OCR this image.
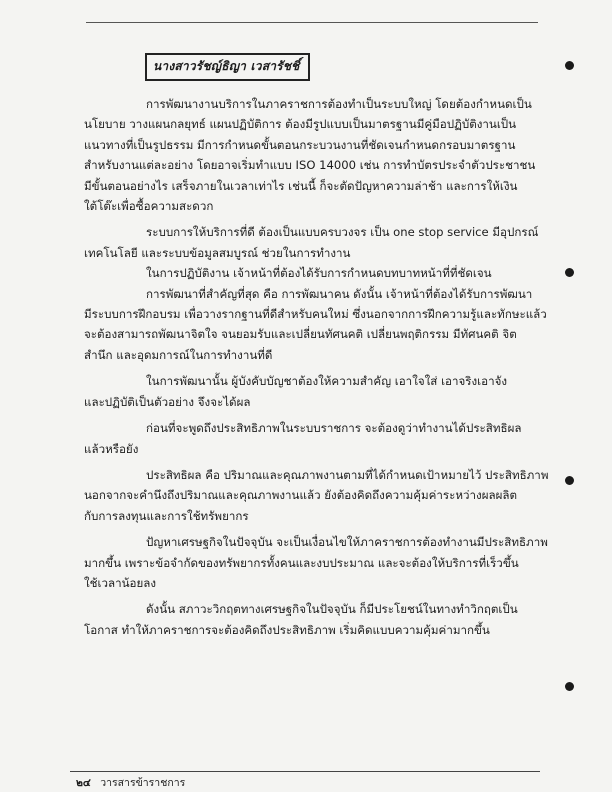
นางสาวรัชญ์ธิญา เวสารัชชิ์

การพัฒนางานบริการในภาคราชการต้องทำเป็นระบบใหญ่ โดยต้องกำหนดเป็น

นโยบาย วางแผนกลยุทธ์ แผนปฏิบัติการ ต้องมีรูปแบบเป็นมาตรฐานมีคู่มือปฏิบัติงานเป็น

แนวทางที่เป็นรูปธรรม มีการกำหนดขั้นตอนกระบวนงานที่ชัดเจนกำหนดกรอบมาตรฐาน

สำหรับงานแต่ละอย่าง โดยอาจเริ่มทำแบบ ISO 14000 เช่น การทำบัตรประจำตัวประชาชน

มีขั้นตอนอย่างไร เสร็จภายในเวลาเท่าไร เช่นนี้ ก็จะตัดปัญหาความล่าช้า และการให้เงิน

ใต้โต๊ะเพื่อซื้อความสะดวก

ระบบการให้บริการที่ดี ต้องเป็นแบบครบวงจร เป็น one stop service มีอุปกรณ์

เทคโนโลยี และระบบข้อมูลสมบูรณ์ ช่วยในการทำงาน

ในการปฏิบัติงาน เจ้าหน้าที่ต้องได้รับการกำหนดบทบาทหน้าที่ที่ชัดเจน

การพัฒนาที่สำคัญที่สุด คือ การพัฒนาคน ดังนั้น เจ้าหน้าที่ต้องได้รับการพัฒนา

มีระบบการฝึกอบรม เพื่อวางรากฐานที่ดีสำหรับคนใหม่ ซึ่งนอกจากการฝึกความรู้และทักษะแล้ว

จะต้องสามารถพัฒนาจิตใจ จนยอมรับและเปลี่ยนทัศนคติ เปลี่ยนพฤติกรรม มีทัศนคติ จิต

สำนึก และอุดมการณ์ในการทำงานที่ดี

ในการพัฒนานั้น ผู้บังคับบัญชาต้องให้ความสำคัญ เอาใจใส่ เอาจริงเอาจัง

และปฏิบัติเป็นตัวอย่าง จึงจะได้ผล

ก่อนที่จะพูดถึงประสิทธิภาพในระบบราชการ จะต้องดูว่าทำงานได้ประสิทธิผล

แล้วหรือยัง

ประสิทธิผล คือ ปริมาณและคุณภาพงานตามที่ได้กำหนดเป้าหมายไว้ ประสิทธิภาพ

นอกจากจะคำนึงถึงปริมาณและคุณภาพงานแล้ว ยังต้องคิดถึงความคุ้มค่าระหว่างผลผลิต

กับการลงทุนและการใช้ทรัพยากร

ปัญหาเศรษฐกิจในปัจจุบัน จะเป็นเงื่อนไขให้ภาคราชการต้องทำงานมีประสิทธิภาพ

มากขึ้น เพราะข้อจำกัดของทรัพยากรทั้งคนและงบประมาณ และจะต้องให้บริการที่เร็วขึ้น

ใช้เวลาน้อยลง

ดังนั้น สภาวะวิกฤตทางเศรษฐกิจในปัจจุบัน ก็มีประโยชน์ในทางทำวิกฤตเป็น

โอกาส ทำให้ภาคราชการจะต้องคิดถึงประสิทธิภาพ เริ่มคิดแบบความคุ้มค่ามากขึ้น

๒๔ วารสารข้าราชการ
